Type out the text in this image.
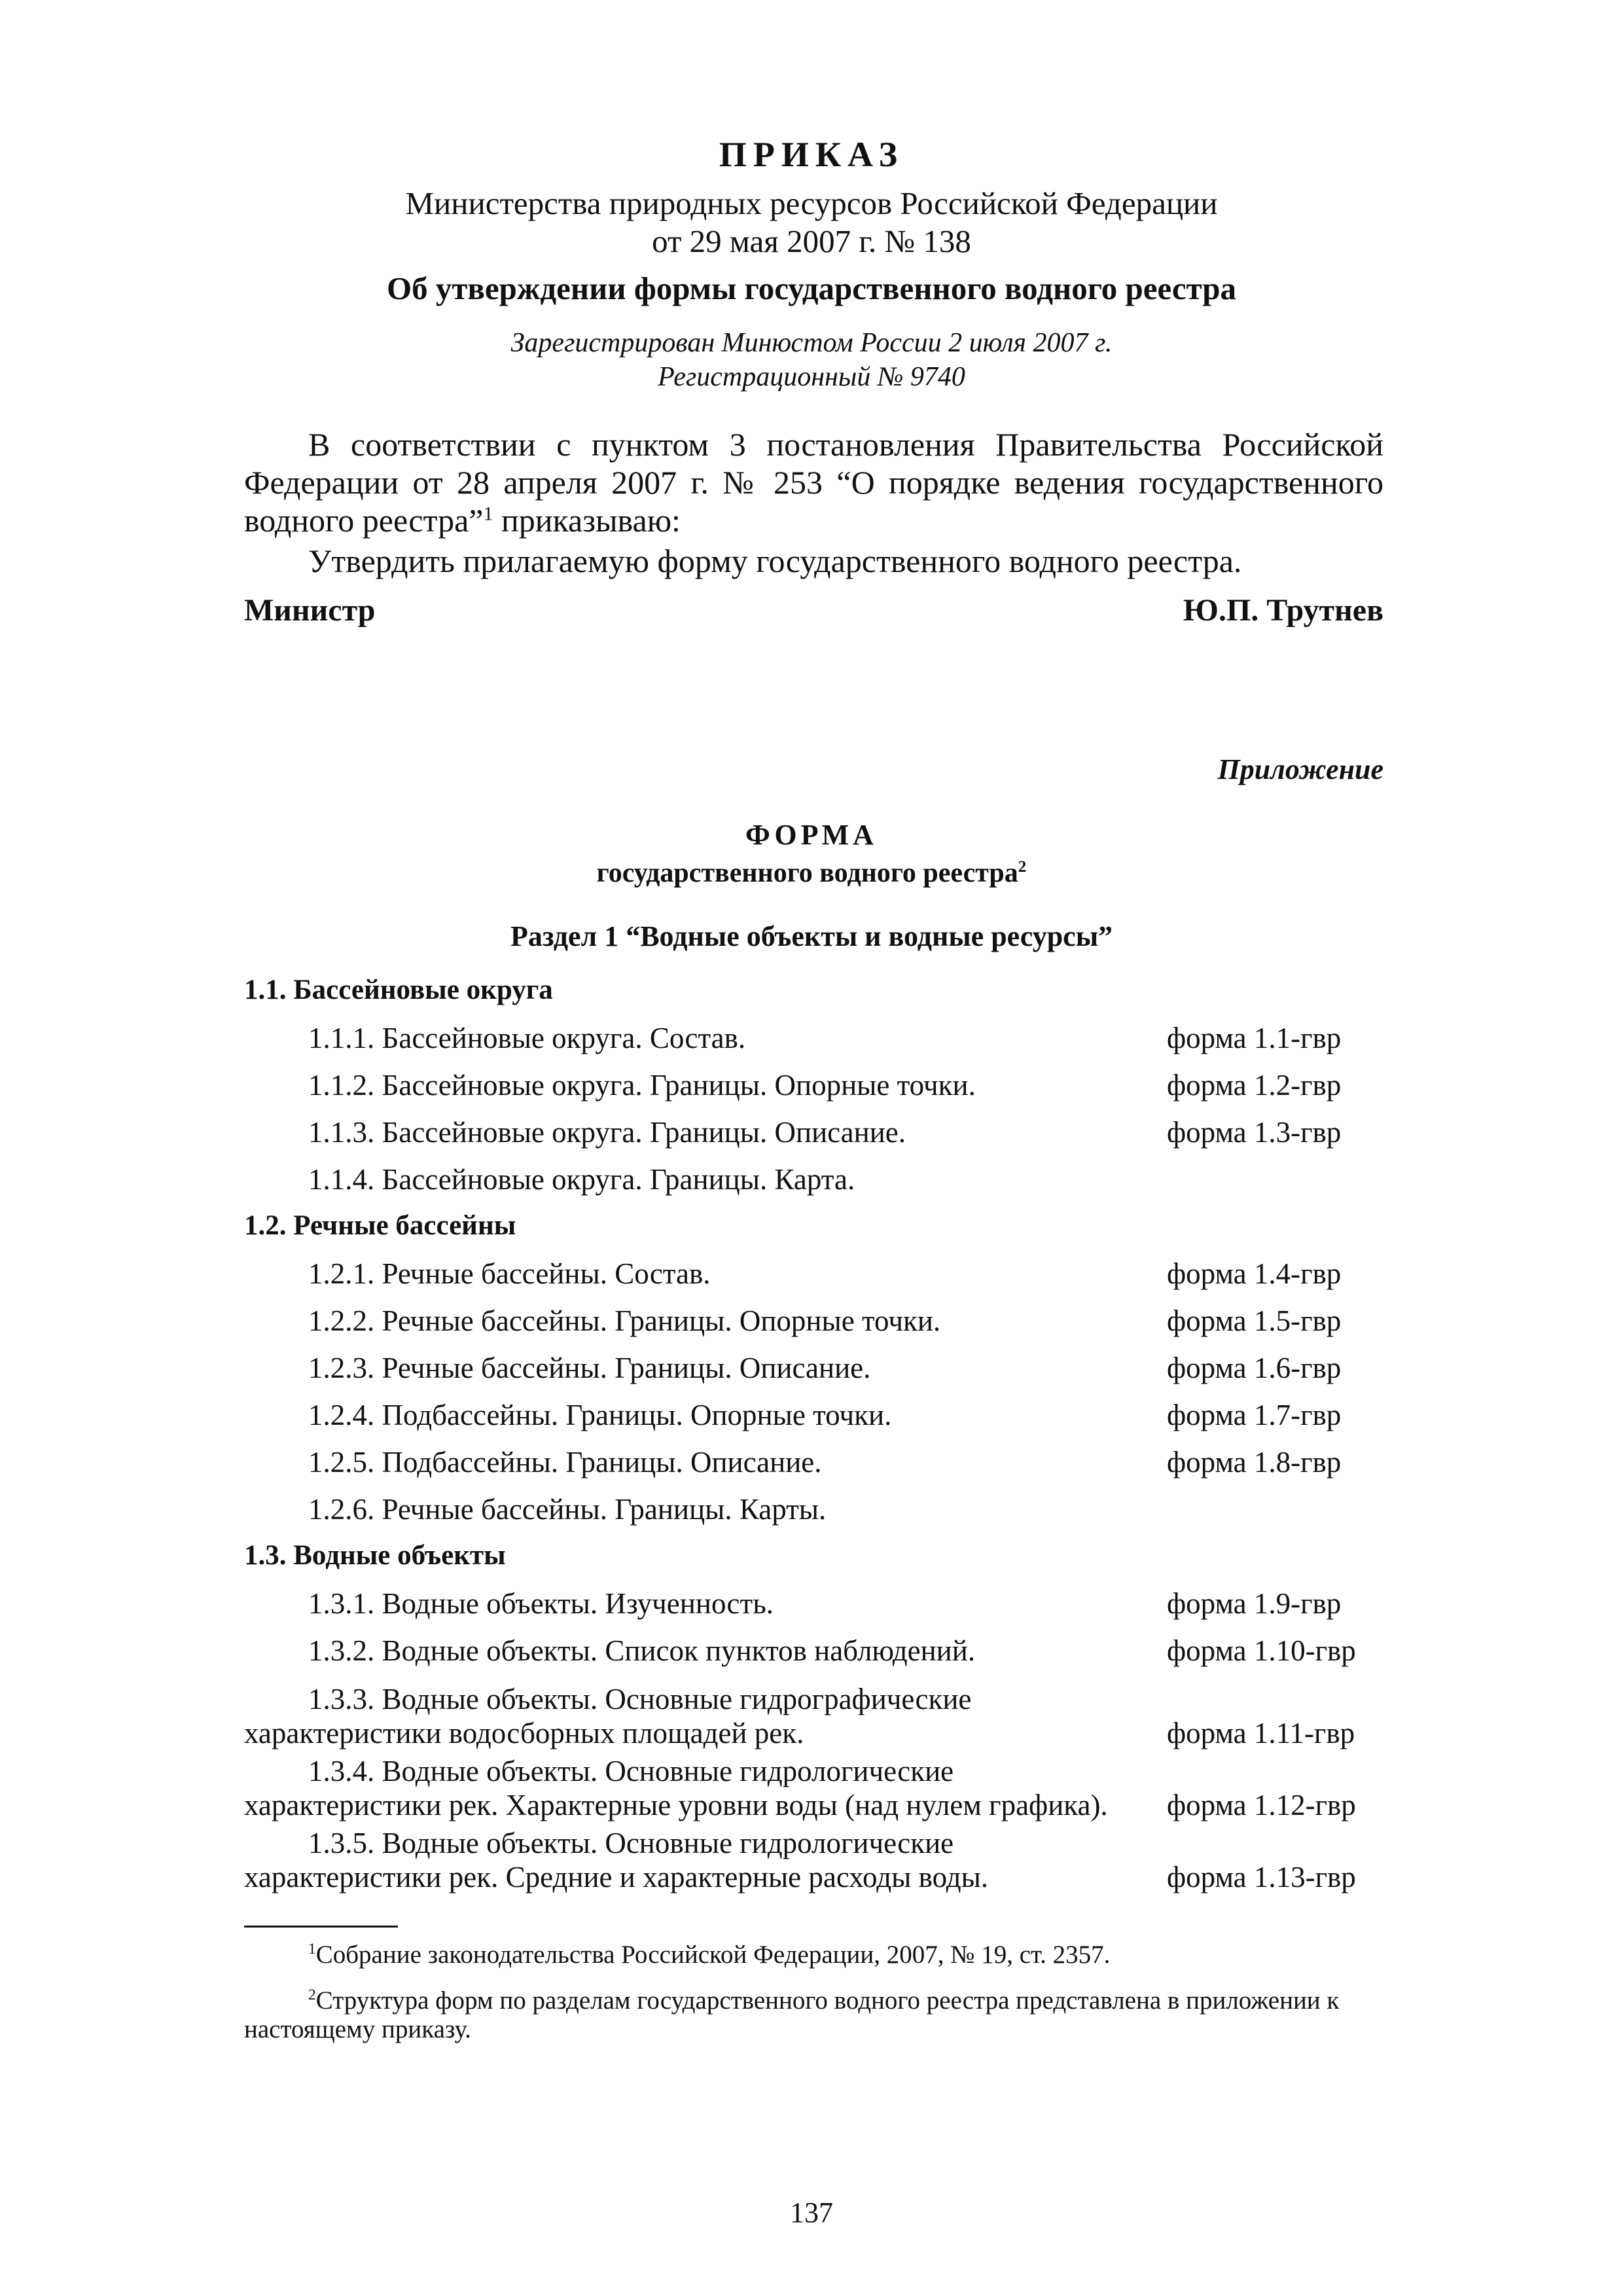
ПРИКАЗ
Министерства природных ресурсов Российской Федерации
от 29 мая 2007 г. № 138
Об утверждении формы государственного водного реестра
Зарегистрирован Минюстом России 2 июля 2007 г.
Регистрационный № 9740
В соответствии с пунктом 3 постановления Правительства Российской Федерации от 28 апреля 2007 г. № 253 “О порядке ведения государственного водного реестра”$^1$ приказываю:
Утвердить прилагаемую форму государственного водного реестра.
Министр	Ю.П. Трутнев
Приложение
ФОРМА
государственного водного реестра$^2$
Раздел 1 “Водные объекты и водные ресурсы”
1.1. Бассейновые округа
1.1.1. Бассейновые округа. Состав.	форма 1.1-гвр
1.1.2. Бассейновые округа. Границы. Опорные точки.	форма 1.2-гвр
1.1.3. Бассейновые округа. Границы. Описание.	форма 1.3-гвр
1.1.4. Бассейновые округа. Границы. Карта.
1.2. Речные бассейны
1.2.1. Речные бассейны. Состав.	форма 1.4-гвр
1.2.2. Речные бассейны. Границы. Опорные точки.	форма 1.5-гвр
1.2.3. Речные бассейны. Границы. Описание.	форма 1.6-гвр
1.2.4. Подбассейны. Границы. Опорные точки.	форма 1.7-гвр
1.2.5. Подбассейны. Границы. Описание.	форма 1.8-гвр
1.2.6. Речные бассейны. Границы. Карты.
1.3. Водные объекты
1.3.1. Водные объекты. Изученность.	форма 1.9-гвр
1.3.2. Водные объекты. Список пунктов наблюдений.	форма 1.10-гвр
1.3.3. Водные объекты. Основные гидрографические характеристики водосборных площадей рек.	форма 1.11-гвр
1.3.4. Водные объекты. Основные гидрологические характеристики рек. Характерные уровни воды (над нулем графика).	форма 1.12-гвр
1.3.5. Водные объекты. Основные гидрологические характеристики рек. Средние и характерные расходы воды.	форма 1.13-гвр
$^1$Собрание законодательства Российской Федерации, 2007, № 19, ст. 2357.
$^2$Структура форм по разделам государственного водного реестра представлена в приложении к настоящему приказу.
137
